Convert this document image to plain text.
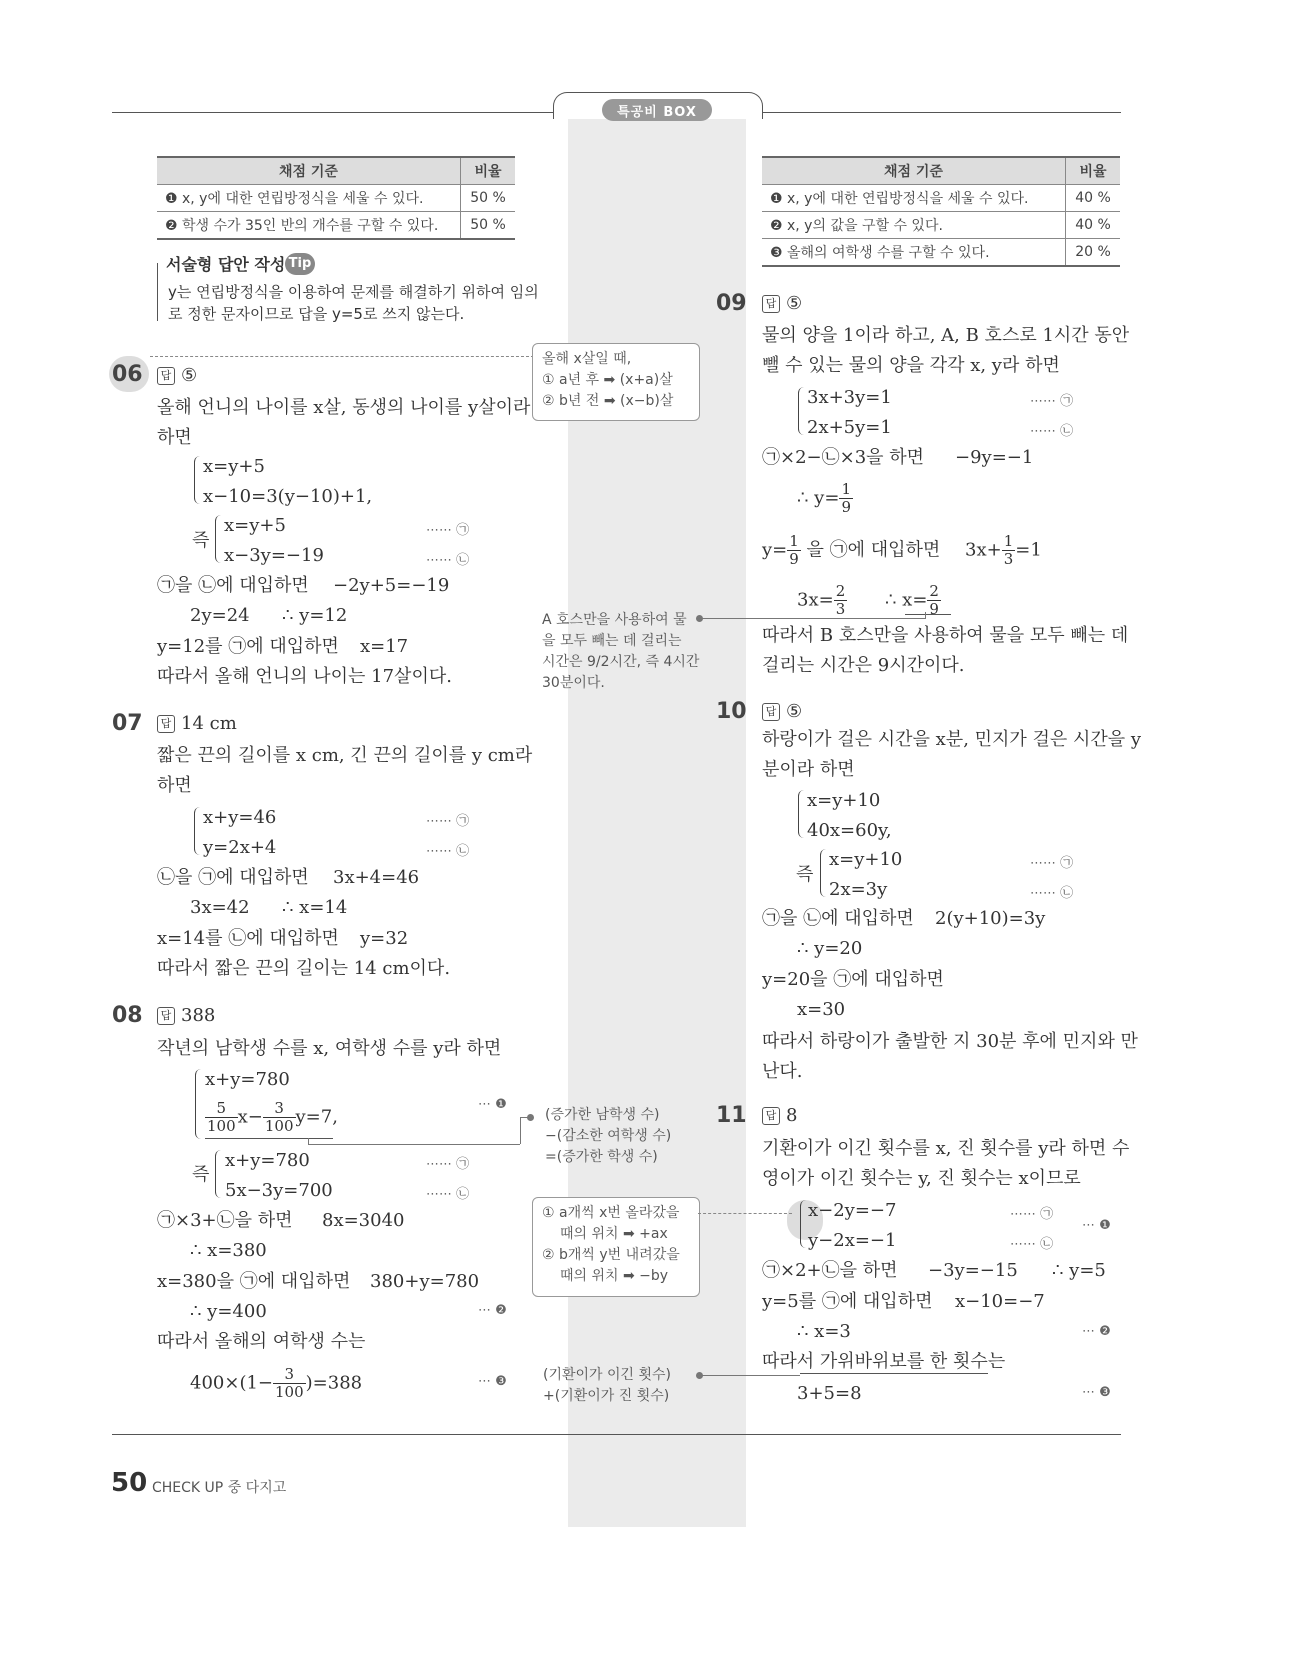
특공비 BOX
채점 기준	비율
❶ x, y에 대한 연립방정식을 세울 수 있다.	50 %
❷ 학생 수가 35인 반의 개수를 구할 수 있다.	50 %
채점 기준	비율
❶ x, y에 대한 연립방정식을 세울 수 있다.	40 %
❷ x, y의 값을 구할 수 있다.	40 %
❸ 올해의 여학생 수를 구할 수 있다.	20 %
서술형 답안 작성 Tip
y는 연립방정식을 이용하여 문제를 해결하기 위하여 임의
로 정한 문자이므로 답을 y=5로 쓰지 않는다.
06	답 ⑤
올해 언니의 나이를 x살, 동생의 나이를 y살이라
하면
x=y+5
x−10=3(y−10)+1,
즉
x=y+5
x−3y=−19
⋯⋯ ㉠
⋯⋯ ㉡
㉠을 ㉡에 대입하면 −2y+5=−19
2y=24 ∴ y=12
y=12를 ㉠에 대입하면 x=17
따라서 올해 언니의 나이는 17살이다.
07	답 14 cm
짧은 끈의 길이를 x cm, 긴 끈의 길이를 y cm라
하면
x+y=46
y=2x+4
⋯⋯ ㉠
⋯⋯ ㉡
㉡을 ㉠에 대입하면 3x+4=46
3x=42 ∴ x=14
x=14를 ㉡에 대입하면 y=32
따라서 짧은 끈의 길이는 14 cm이다.
08	답 388
작년의 남학생 수를 x, 여학생 수를 y라 하면
x+y=780
$\frac{5}{100} x- \frac{3}{100} y=7$,
⋯ ❶
즉
x+y=780
5x−3y=700
⋯⋯ ㉠
⋯⋯ ㉡
㉠×3+㉡을 하면 8x=3040
∴ x=380
x=380을 ㉠에 대입하면 380+y=780
∴ y=400	⋯ ❷
따라서 올해의 여학생 수는
$400\times(1- \frac{3}{100} )=388$	⋯ ❸
09	답 ⑤
물의 양을 1이라 하고, A, B 호스로 1시간 동안
뺄 수 있는 물의 양을 각각 x, y라 하면
3x+3y=1
2x+5y=1
⋯⋯ ㉠
⋯⋯ ㉡
㉠×2−㉡×3을 하면 −9y=−1
∴ $y= \frac{1}{9}$
$y= \frac{1}{9}$ 을 ㉠에 대입하면 $3x+ \frac{1}{3} =1$
$3x= \frac{2}{3}$ ∴ $x= \frac{2}{9}$
따라서 B 호스만을 사용하여 물을 모두 빼는 데
걸리는 시간은 9시간이다.
10	답 ⑤
하랑이가 걸은 시간을 x분, 민지가 걸은 시간을 y
분이라 하면
x=y+10
40x=60y,
즉
x=y+10
2x=3y
⋯⋯ ㉠
⋯⋯ ㉡
㉠을 ㉡에 대입하면 2(y+10)=3y
∴ y=20
y=20을 ㉠에 대입하면
x=30
따라서 하랑이가 출발한 지 30분 후에 민지와 만
난다.
11	답 8
기환이가 이긴 횟수를 x, 진 횟수를 y라 하면 수
영이가 이긴 횟수는 y, 진 횟수는 x이므로
x−2y=−7
y−2x=−1
⋯⋯ ㉠
⋯⋯ ㉡
⋯ ❶
㉠×2+㉡을 하면 −3y=−15 ∴ y=5
y=5를 ㉠에 대입하면 x−10=−7
∴ x=3	⋯ ❷
따라서 가위바위보를 한 횟수는
3+5=8	⋯ ❸
올해 x살일 때,
① a년 후 ➡ (x+a)살
② b년 전 ➡ (x−b)살
A 호스만을 사용하여 물
을 모두 빼는 데 걸리는
시간은 9/2시간, 즉 4시간
30분이다.
(증가한 남학생 수)
−(감소한 여학생 수)
=(증가한 학생 수)
① a개씩 x번 올라갔을
때의 위치 ➡ +ax
② b개씩 y번 내려갔을
때의 위치 ➡ −by
(기환이가 이긴 횟수)
+(기환이가 진 횟수)
50 CHECK UP 중 다지고
